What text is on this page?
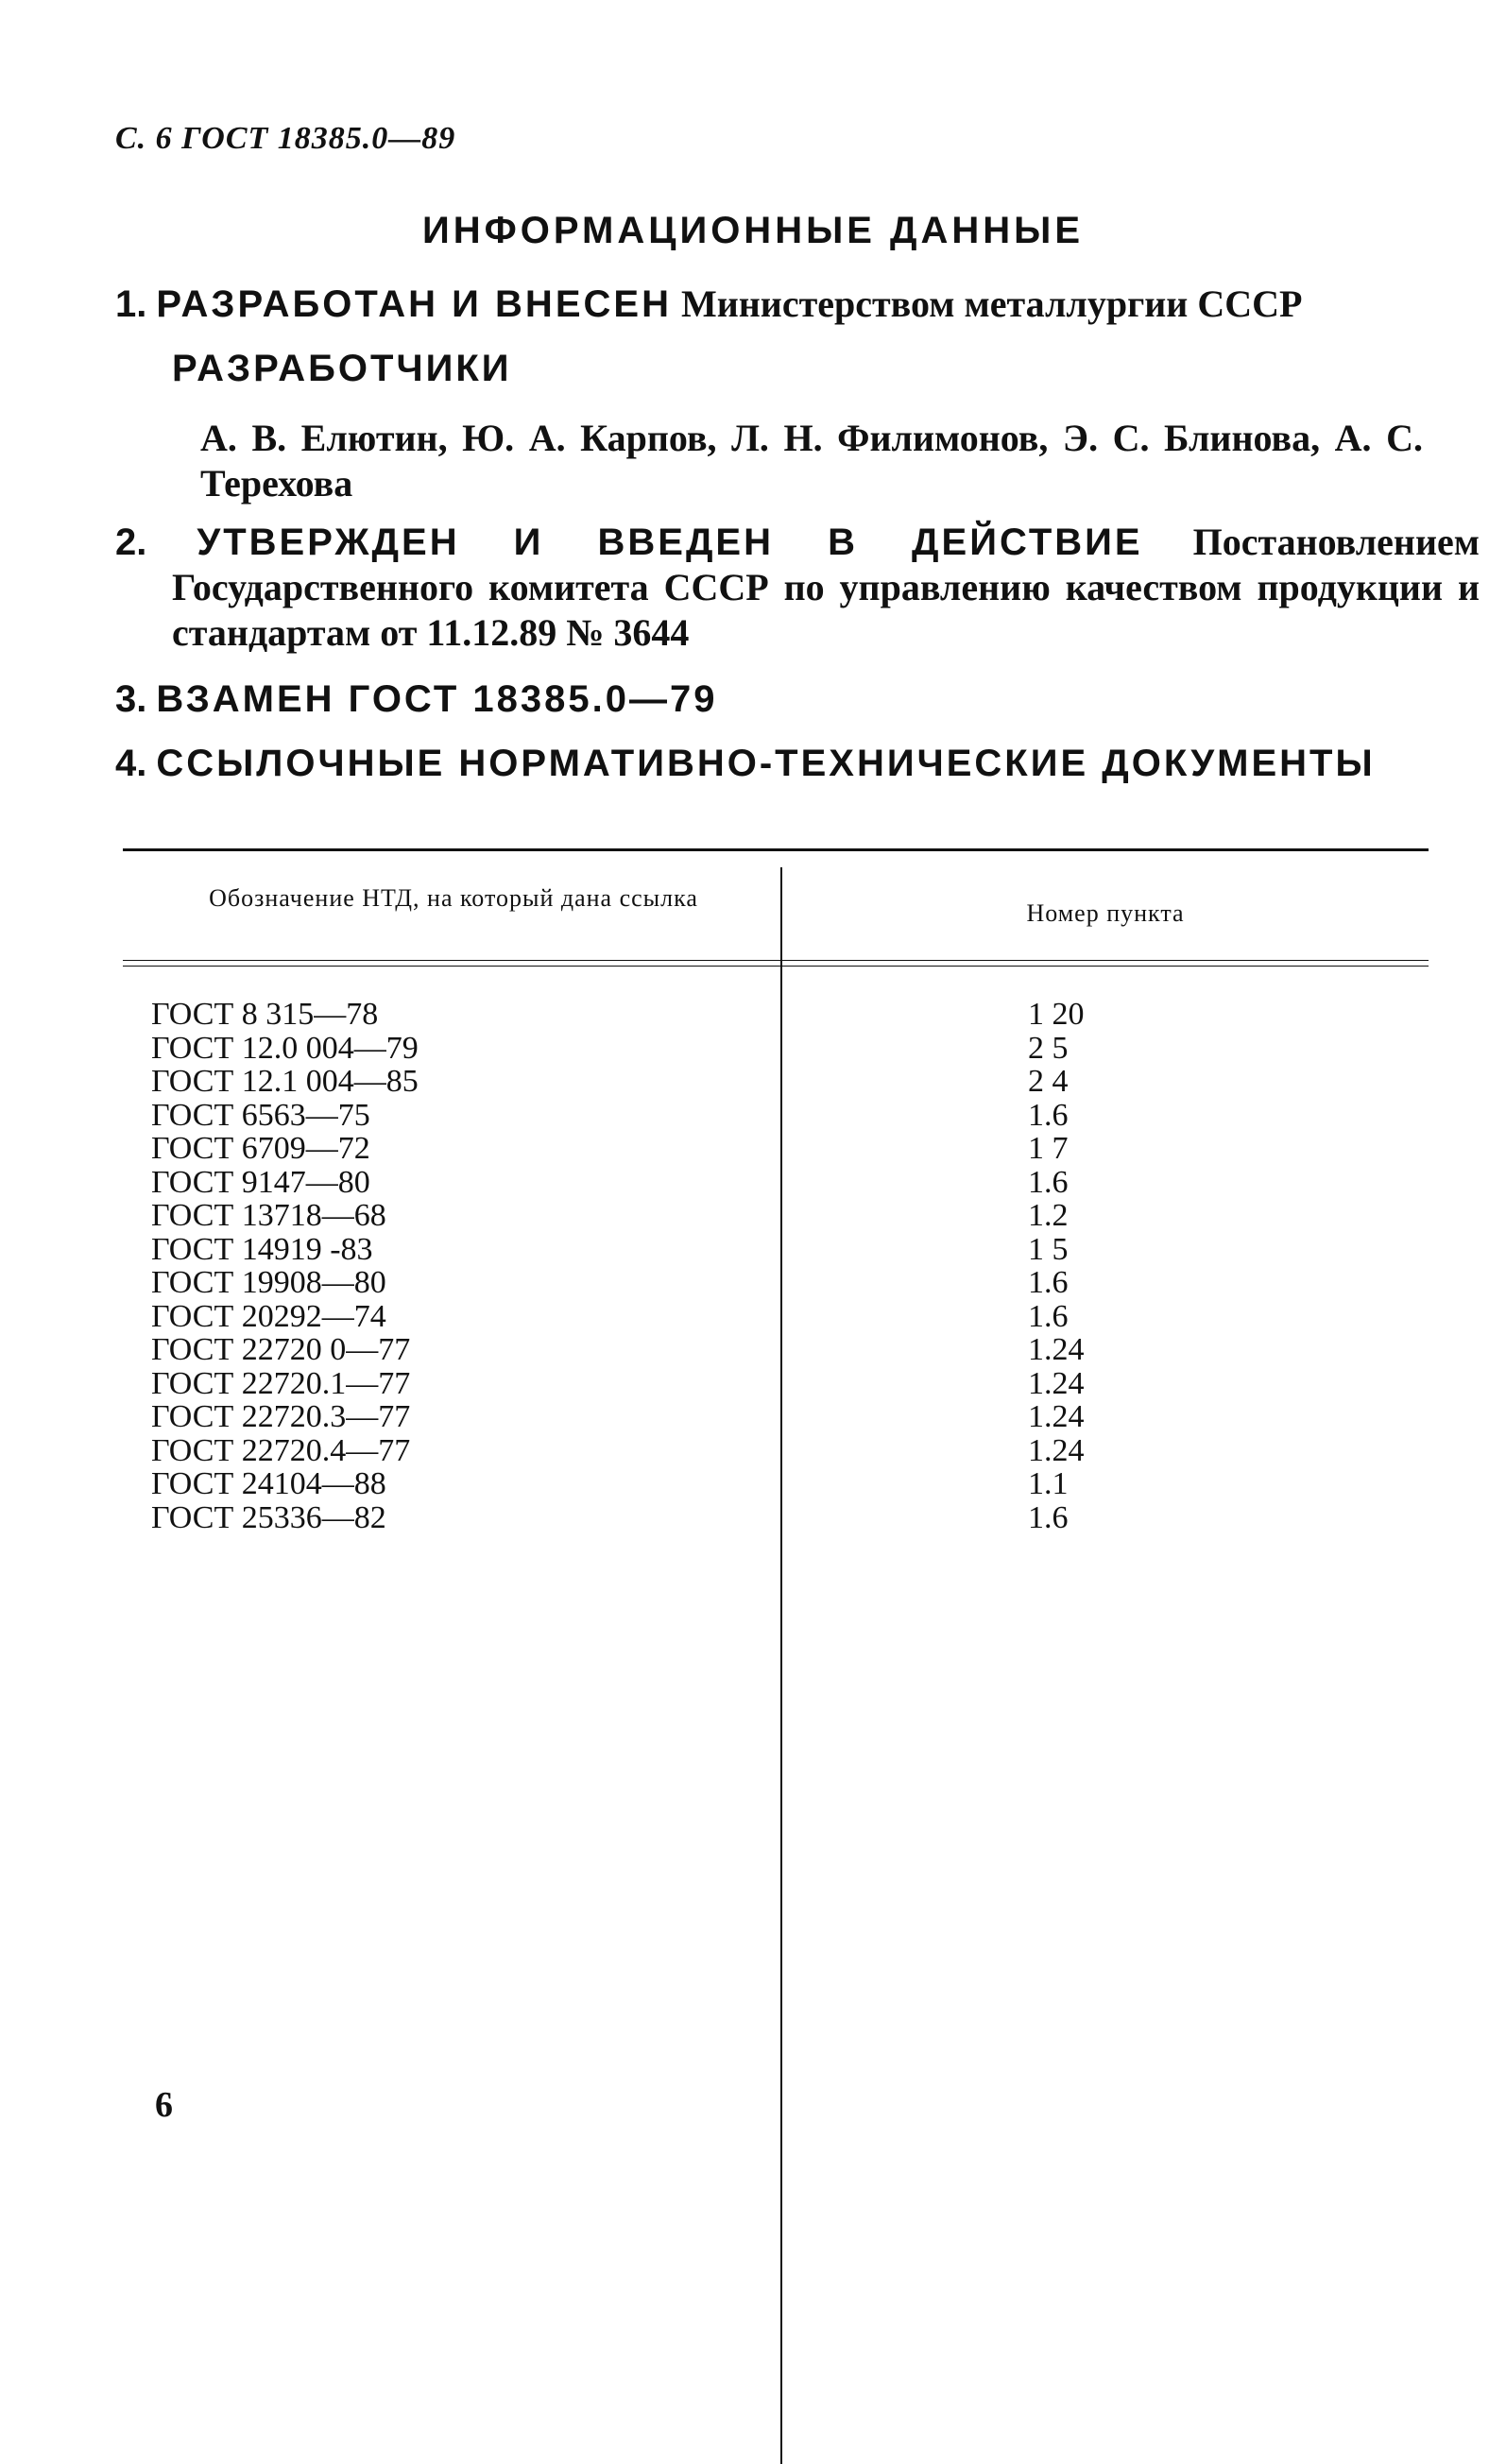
С. 6 ГОСТ 18385.0—89
ИНФОРМАЦИОННЫЕ ДАННЫЕ
1. РАЗРАБОТАН И ВНЕСЕН Министерством металлургии СССР
РАЗРАБОТЧИКИ
А. В. Елютин, Ю. А. Карпов, Л. Н. Филимонов, Э. С. Блинова, А. С. Терехова
2. УТВЕРЖДЕН И ВВЕДЕН В ДЕЙСТВИЕ Постановлением Государственного комитета СССР по управлению качеством продукции и стандартам от 11.12.89 № 3644
3. ВЗАМЕН ГОСТ 18385.0—79
4. ССЫЛОЧНЫЕ НОРМАТИВНО-ТЕХНИЧЕСКИЕ ДОКУМЕНТЫ
Обозначение НТД, на который дана ссылка
Номер пункта
ГОСТ 8 315—78	1 20
ГОСТ 12.0 004—79	2 5
ГОСТ 12.1 004—85	2 4
ГОСТ 6563—75	1.6
ГОСТ 6709—72	1 7
ГОСТ 9147—80	1.6
ГОСТ 13718—68	1.2
ГОСТ 14919 -83	1 5
ГОСТ 19908—80	1.6
ГОСТ 20292—74	1.6
ГОСТ 22720 0—77	1.24
ГОСТ 22720.1—77	1.24
ГОСТ 22720.3—77	1.24
ГОСТ 22720.4—77	1.24
ГОСТ 24104—88	1.1
ГОСТ 25336—82	1.6
6
